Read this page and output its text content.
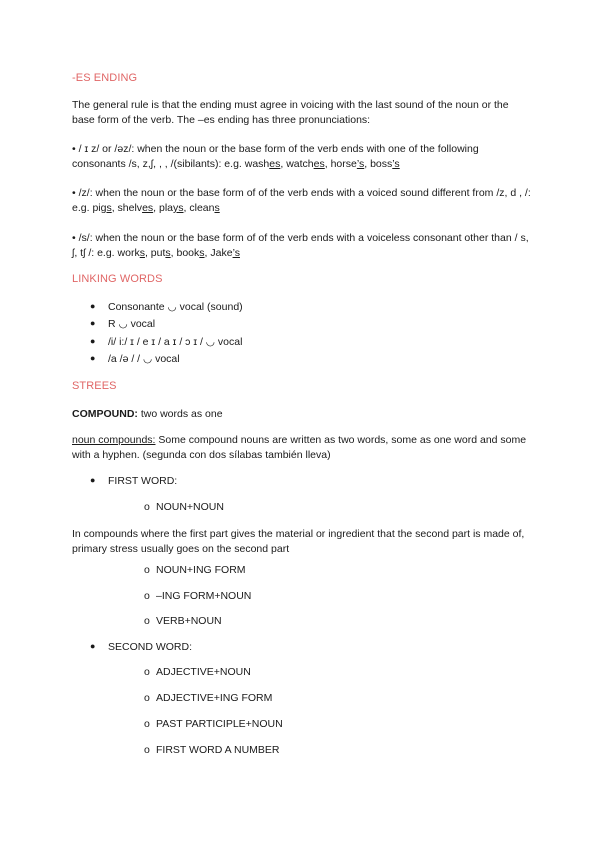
-ES ENDING
The general rule is that the ending must agree in voicing with the last sound of the noun or the base form of the verb. The –es ending has three pronunciations:
• / ɪ z/ or /əz/: when the noun or the base form of the verb ends with one of the following consonants /s, z,ʃ, , , /(sibilants): e.g. washes, watches, horse’s, boss’s
• /z/: when the noun or the base form of of the verb ends with a voiced sound different from /z, d , /: e.g. pigs, shelves, plays, cleans
• /s/: when the noun or the base form of of the verb ends with a voiceless consonant other than / s, ʃ, tʃ /: e.g. works, puts, books, Jake’s
LINKING WORDS
● Consonante ◡ vocal (sound)
● R ◡ vocal
● /i/ i:/ ɪ / e ɪ / a ɪ / ɔ ɪ / ◡ vocal
● /a /ə / / ◡ vocal
STREES
COMPOUND: two words as one
noun compounds: Some compound nouns are written as two words, some as one word and some with a hyphen. (segunda con dos sílabas también lleva)
● FIRST WORD:
o NOUN+NOUN
In compounds where the first part gives the material or ingredient that the second part is made of, primary stress usually goes on the second part
o NOUN+ING FORM
o –ING FORM+NOUN
o VERB+NOUN
● SECOND WORD:
o ADJECTIVE+NOUN
o ADJECTIVE+ING FORM
o PAST PARTICIPLE+NOUN
o FIRST WORD A NUMBER
